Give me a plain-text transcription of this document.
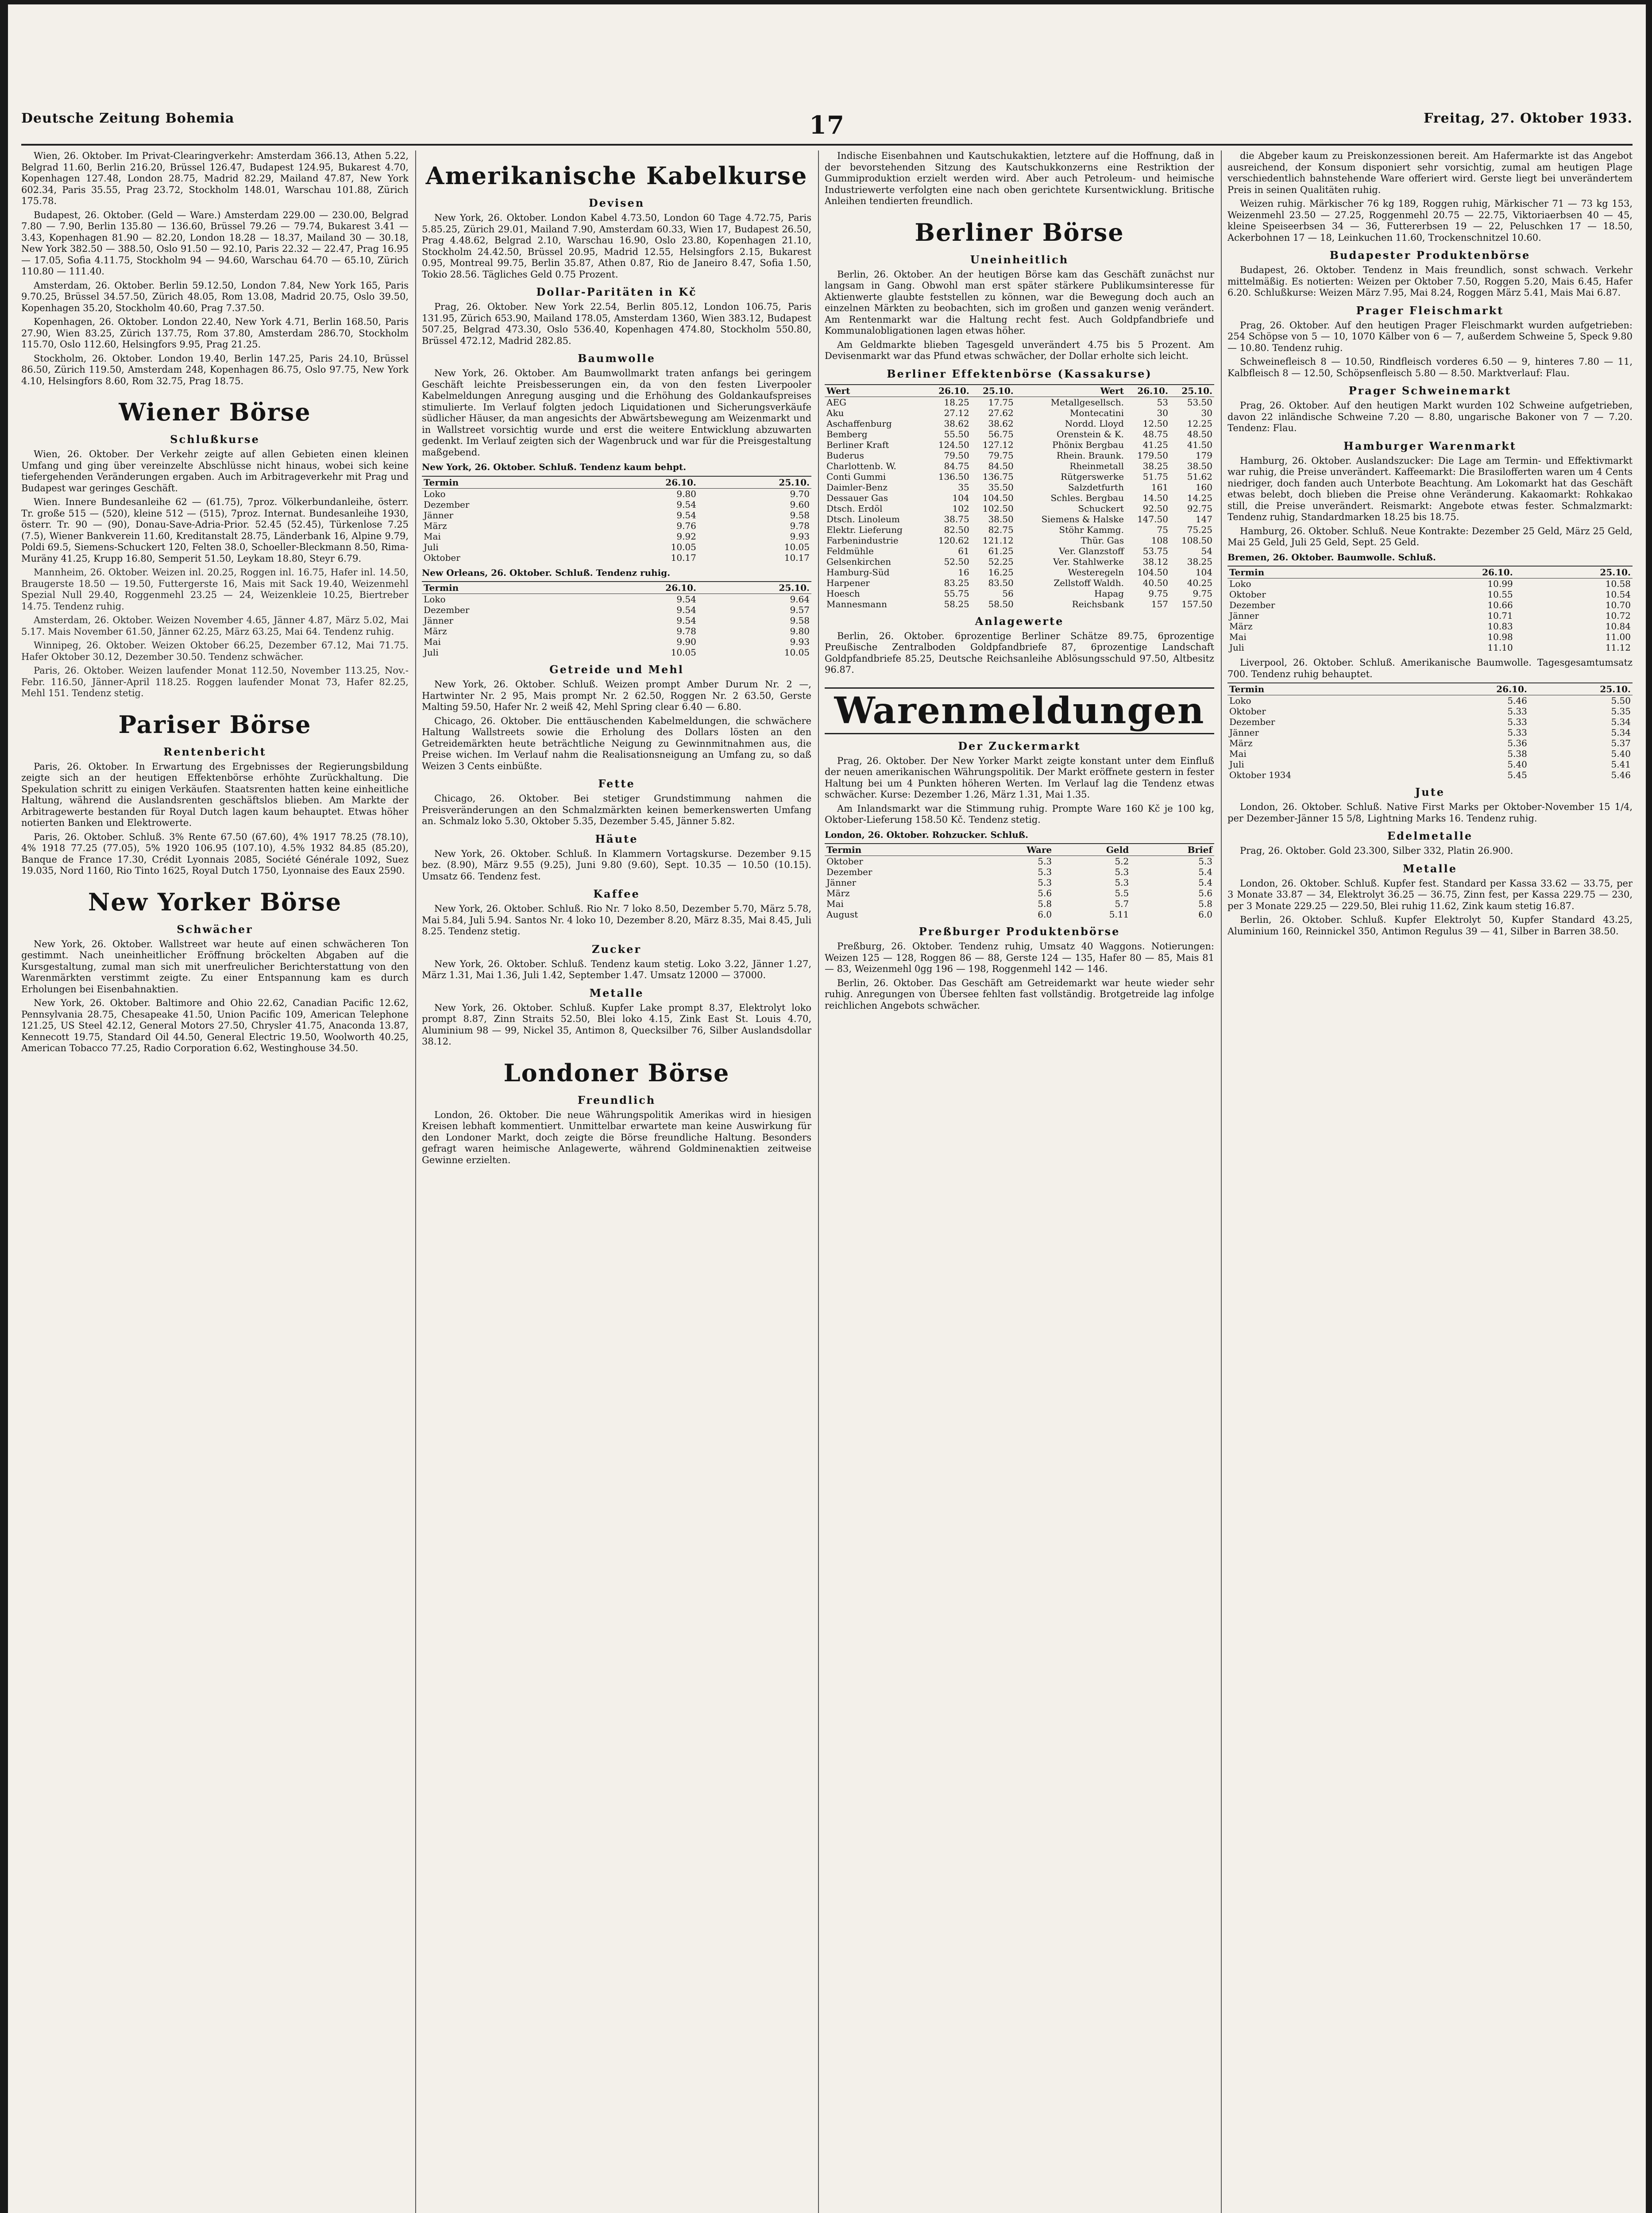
Deutsche Zeitung Bohemia	17	Freitag, 27. Oktober 1933.

Wien, 26. Oktober. Im Privat-Clearingverkehr: Amsterdam 366.13, Athen 5.22, Belgrad 11.60, Berlin 216.20, Brüssel 126.47, Budapest 124.95, Bukarest 4.70, Kopenhagen 127.48, London 28.75, Madrid 82.29, Mailand 47.87, New York 602.34, Paris 35.55, Prag 23.72, Stockholm 148.01, Warschau 101.88, Zürich 175.78.

Budapest, 26. Oktober. (Geld — Ware.) Amsterdam 229.00 — 230.00, Belgrad 7.80 — 7.90, Berlin 135.80 — 136.60, Brüssel 79.26 — 79.74, Bukarest 3.41 — 3.43, Kopenhagen 81.90 — 82.20, London 18.28 — 18.37, Mailand 30 — 30.18, New York 382.50 — 388.50, Oslo 91.50 — 92.10, Paris 22.32 — 22.47, Prag 16.95 — 17.05, Sofia 4.11.75, Stockholm 94 — 94.60, Warschau 64.70 — 65.10, Zürich 110.80 — 111.40.

Amsterdam, 26. Oktober. Berlin 59.12.50, London 7.84, New York 165, Paris 9.70.25, Brüssel 34.57.50, Zürich 48.05, Rom 13.08, Madrid 20.75, Oslo 39.50, Kopenhagen 35.20, Stockholm 40.60, Prag 7.37.50.

Kopenhagen, 26. Oktober. London 22.40, New York 4.71, Berlin 168.50, Paris 27.90, Wien 83.25, Zürich 137.75, Rom 37.80, Amsterdam 286.70, Stockholm 115.70, Oslo 112.60, Helsingfors 9.95, Prag 21.25.

Stockholm, 26. Oktober. London 19.40, Berlin 147.25, Paris 24.10, Brüssel 86.50, Zürich 119.50, Amsterdam 248, Kopenhagen 86.75, Oslo 97.75, New York 4.10, Helsingfors 8.60, Rom 32.75, Prag 18.75.

Wiener Börse
Schlußkurse

Wien, 26. Oktober. Der Verkehr zeigte auf allen Gebieten einen kleinen Umfang und ging über vereinzelte Abschlüsse nicht hinaus, wobei sich keine tiefergehenden Veränderungen ergaben. Auch im Arbitrageverkehr mit Prag und Budapest war geringes Geschäft.

Wien. Innere Bundesanleihe 62 — (61.75), 7proz. Völkerbundanleihe, österr. Tr. große 515 — (520), kleine 512 — (515), 7proz. Internat. Bundesanleihe 1930, österr. Tr. 90 — (90), Donau-Save-Adria-Prior. 52.45 (52.45), Türkenlose 7.25 (7.5), Wiener Bankverein 11.60, Kreditanstalt 28.75, Länderbank 16, Alpine 9.79, Poldi 69.5, Siemens-Schuckert 120, Felten 38.0, Schoeller-Bleckmann 8.50, Rima-Muräny 41.25, Krupp 16.80, Semperit 51.50, Leykam 18.80, Steyr 6.79.

Mannheim, 26. Oktober. Weizen inl. 20.25, Roggen inl. 16.75, Hafer inl. 14.50, Braugerste 18.50 — 19.50, Futtergerste 16, Mais mit Sack 19.40, Weizenmehl Spezial Null 29.40, Roggenmehl 23.25 — 24, Weizenkleie 10.25, Biertreber 14.75. Tendenz ruhig.

Amsterdam, 26. Oktober. Weizen November 4.65, Jänner 4.87, März 5.02, Mai 5.17. Mais November 61.50, Jänner 62.25, März 63.25, Mai 64. Tendenz ruhig.

Winnipeg, 26. Oktober. Weizen Oktober 66.25, Dezember 67.12, Mai 71.75. Hafer Oktober 30.12, Dezember 30.50. Tendenz schwächer.

Paris, 26. Oktober. Weizen laufender Monat 112.50, November 113.25, Nov.-Febr. 116.50, Jänner-April 118.25. Roggen laufender Monat 73, Hafer 82.25, Mehl 151. Tendenz stetig.

Pariser Börse
Rentenbericht

Paris, 26. Oktober. In Erwartung des Ergebnisses der Regierungsbildung zeigte sich an der heutigen Effektenbörse erhöhte Zurückhaltung. Die Spekulation schritt zu einigen Verkäufen. Staatsrenten hatten keine einheitliche Haltung, während die Auslandsrenten geschäftslos blieben. Am Markte der Arbitragewerte bestanden für Royal Dutch lagen kaum behauptet. Etwas höher notierten Banken und Elektrowerte.

Paris, 26. Oktober. Schluß. 3% Rente 67.50 (67.60), 4% 1917 78.25 (78.10), 4% 1918 77.25 (77.05), 5% 1920 106.95 (107.10), 4.5% 1932 84.85 (85.20), Banque de France 17.30, Crédit Lyonnais 2085, Société Générale 1092, Suez 19.035, Nord 1160, Rio Tinto 1625, Royal Dutch 1750, Lyonnaise des Eaux 2590.

New Yorker Börse
Schwächer

New York, 26. Oktober. Wallstreet war heute auf einen schwächeren Ton gestimmt. Nach uneinheitlicher Eröffnung bröckelten Abgaben auf die Kursgestaltung, zumal man sich mit unerfreulicher Berichterstattung von den Warenmärkten verstimmt zeigte. Zu einer Entspannung kam es durch Erholungen bei Eisenbahnaktien.

New York, 26. Oktober. Baltimore and Ohio 22.62, Canadian Pacific 12.62, Pennsylvania 28.75, Chesapeake 41.50, Union Pacific 109, American Telephone 121.25, US Steel 42.12, General Motors 27.50, Chrysler 41.75, Anaconda 13.87, Kennecott 19.75, Standard Oil 44.50, General Electric 19.50, Woolworth 40.25, American Tobacco 77.25, Radio Corporation 6.62, Westinghouse 34.50.

Amerikanische Kabelkurse
Devisen

New York, 26. Oktober. London Kabel 4.73.50, London 60 Tage 4.72.75, Paris 5.85.25, Zürich 29.01, Mailand 7.90, Amsterdam 60.33, Wien 17, Budapest 26.50, Prag 4.48.62, Belgrad 2.10, Warschau 16.90, Oslo 23.80, Kopenhagen 21.10, Stockholm 24.42.50, Brüssel 20.95, Madrid 12.55, Helsingfors 2.15, Bukarest 0.95, Montreal 99.75, Berlin 35.87, Athen 0.87, Rio de Janeiro 8.47, Sofia 1.50, Tokio 28.56. Tägliches Geld 0.75 Prozent.

Dollar-Paritäten in Kč

Prag, 26. Oktober. New York 22.54, Berlin 805.12, London 106.75, Paris 131.95, Zürich 653.90, Mailand 178.05, Amsterdam 1360, Wien 383.12, Budapest 507.25, Belgrad 473.30, Oslo 536.40, Kopenhagen 474.80, Stockholm 550.80, Brüssel 472.12, Madrid 282.85.

Baumwolle

New York, 26. Oktober. Am Baumwollmarkt traten anfangs bei geringem Geschäft leichte Preisbesserungen ein, da von den festen Liverpooler Kabelmeldungen Anregung ausging und die Erhöhung des Goldankaufspreises stimulierte. Im Verlauf folgten jedoch Liquidationen und Sicherungsverkäufe südlicher Häuser, da man angesichts der Abwärtsbewegung am Weizenmarkt und in Wallstreet vorsichtig wurde und erst die weitere Entwicklung abzuwarten gedenkt. Im Verlauf zeigten sich der Wagenbruck und war für die Preisgestaltung maßgebend.

New York, 26. Oktober. Schluß. Tendenz kaum behpt.
Termin	26.10.	25.10.
Loko	9.80	9.70
Dezember	9.54	9.60
Jänner	9.54	9.58
März	9.76	9.78
Mai	9.92	9.93
Juli	10.05	10.05
Oktober	10.17	10.17
New Orleans, 26. Oktober. Schluß. Tendenz ruhig.
Termin	26.10.	25.10.
Loko	9.54	9.64
Dezember	9.54	9.57
Jänner	9.54	9.58
März	9.78	9.80
Mai	9.90	9.93
Juli	10.05	10.05
Getreide und Mehl

New York, 26. Oktober. Schluß. Weizen prompt Amber Durum Nr. 2 —, Hartwinter Nr. 2 95, Mais prompt Nr. 2 62.50, Roggen Nr. 2 63.50, Gerste Malting 59.50, Hafer Nr. 2 weiß 42, Mehl Spring clear 6.40 — 6.80.

Chicago, 26. Oktober. Die enttäuschenden Kabelmeldungen, die schwächere Haltung Wallstreets sowie die Erholung des Dollars lösten an den Getreidemärkten heute beträchtliche Neigung zu Gewinnmitnahmen aus, die Preise wichen. Im Verlauf nahm die Realisationsneigung an Umfang zu, so daß Weizen 3 Cents einbüßte.

Fette

Chicago, 26. Oktober. Bei stetiger Grundstimmung nahmen die Preisveränderungen an den Schmalzmärkten keinen bemerkenswerten Umfang an. Schmalz loko 5.30, Oktober 5.35, Dezember 5.45, Jänner 5.82.

Häute

New York, 26. Oktober. Schluß. In Klammern Vortagskurse. Dezember 9.15 bez. (8.90), März 9.55 (9.25), Juni 9.80 (9.60), Sept. 10.35 — 10.50 (10.15). Umsatz 66. Tendenz fest.

Kaffee

New York, 26. Oktober. Schluß. Rio Nr. 7 loko 8.50, Dezember 5.70, März 5.78, Mai 5.84, Juli 5.94. Santos Nr. 4 loko 10, Dezember 8.20, März 8.35, Mai 8.45, Juli 8.25. Tendenz stetig.

Zucker

New York, 26. Oktober. Schluß. Tendenz kaum stetig. Loko 3.22, Jänner 1.27, März 1.31, Mai 1.36, Juli 1.42, September 1.47. Umsatz 12000 — 37000.

Metalle

New York, 26. Oktober. Schluß. Kupfer Lake prompt 8.37, Elektrolyt loko prompt 8.87, Zinn Straits 52.50, Blei loko 4.15, Zink East St. Louis 4.70, Aluminium 98 — 99, Nickel 35, Antimon 8, Quecksilber 76, Silber Auslandsdollar 38.12.

Londoner Börse
Freundlich

London, 26. Oktober. Die neue Währungspolitik Amerikas wird in hiesigen Kreisen lebhaft kommentiert. Unmittelbar erwartete man keine Auswirkung für den Londoner Markt, doch zeigte die Börse freundliche Haltung. Besonders gefragt waren heimische Anlagewerte, während Goldminenaktien zeitweise Gewinne erzielten.

Indische Eisenbahnen und Kautschukaktien, letztere auf die Hoffnung, daß in der bevorstehenden Sitzung des Kautschukkonzerns eine Restriktion der Gummiproduktion erzielt werden wird. Aber auch Petroleum- und heimische Industriewerte verfolgten eine nach oben gerichtete Kursentwicklung. Britische Anleihen tendierten freundlich.

Berliner Börse
Uneinheitlich

Berlin, 26. Oktober. An der heutigen Börse kam das Geschäft zunächst nur langsam in Gang. Obwohl man erst später stärkere Publikumsinteresse für Aktienwerte glaubte feststellen zu können, war die Bewegung doch auch an einzelnen Märkten zu beobachten, sich im großen und ganzen wenig verändert. Am Rentenmarkt war die Haltung recht fest. Auch Goldpfandbriefe und Kommunalobligationen lagen etwas höher.

Am Geldmarkte blieben Tagesgeld unverändert 4.75 bis 5 Prozent. Am Devisenmarkt war das Pfund etwas schwächer, der Dollar erholte sich leicht.

Berliner Effektenbörse (Kassakurse)
Wert	26.10.	25.10.	Wert	26.10.	25.10.
AEG	18.25	17.75	Metallgesellsch.	53	53.50
Aku	27.12	27.62	Montecatini	30	30
Aschaffenburg	38.62	38.62	Nordd. Lloyd	12.50	12.25
Bemberg	55.50	56.75	Orenstein & K.	48.75	48.50
Berliner Kraft	124.50	127.12	Phönix Bergbau	41.25	41.50
Buderus	79.50	79.75	Rhein. Braunk.	179.50	179
Charlottenb. W.	84.75	84.50	Rheinmetall	38.25	38.50
Conti Gummi	136.50	136.75	Rütgerswerke	51.75	51.62
Daimler-Benz	35	35.50	Salzdetfurth	161	160
Dessauer Gas	104	104.50	Schles. Bergbau	14.50	14.25
Dtsch. Erdöl	102	102.50	Schuckert	92.50	92.75
Dtsch. Linoleum	38.75	38.50	Siemens & Halske	147.50	147
Elektr. Lieferung	82.50	82.75	Stöhr Kammg.	75	75.25
Farbenindustrie	120.62	121.12	Thür. Gas	108	108.50
Feldmühle	61	61.25	Ver. Glanzstoff	53.75	54
Gelsenkirchen	52.50	52.25	Ver. Stahlwerke	38.12	38.25
Hamburg-Süd	16	16.25	Westeregeln	104.50	104
Harpener	83.25	83.50	Zellstoff Waldh.	40.50	40.25
Hoesch	55.75	56	Hapag	9.75	9.75
Mannesmann	58.25	58.50	Reichsbank	157	157.50
Anlagewerte

Berlin, 26. Oktober. 6prozentige Berliner Schätze 89.75, 6prozentige Preußische Zentralboden Goldpfandbriefe 87, 6prozentige Landschaft Goldpfandbriefe 85.25, Deutsche Reichsanleihe Ablösungsschuld 97.50, Altbesitz 96.87.

Warenmeldungen
Der Zuckermarkt

Prag, 26. Oktober. Der New Yorker Markt zeigte konstant unter dem Einfluß der neuen amerikanischen Währungspolitik. Der Markt eröffnete gestern in fester Haltung bei um 4 Punkten höheren Werten. Im Verlauf lag die Tendenz etwas schwächer. Kurse: Dezember 1.26, März 1.31, Mai 1.35.

Am Inlandsmarkt war die Stimmung ruhig. Prompte Ware 160 Kč je 100 kg, Oktober-Lieferung 158.50 Kč. Tendenz stetig.

London, 26. Oktober. Rohzucker. Schluß.
Termin	Ware	Geld	Brief
Oktober	5.3	5.2	5.3
Dezember	5.3	5.3	5.4
Jänner	5.3	5.3	5.4
März	5.6	5.5	5.6
Mai	5.8	5.7	5.8
August	6.0	5.11	6.0
Preßburger Produktenbörse

Preßburg, 26. Oktober. Tendenz ruhig, Umsatz 40 Waggons. Notierungen: Weizen 125 — 128, Roggen 86 — 88, Gerste 124 — 135, Hafer 80 — 85, Mais 81 — 83, Weizenmehl 0gg 196 — 198, Roggenmehl 142 — 146.

Berlin, 26. Oktober. Das Geschäft am Getreidemarkt war heute wieder sehr ruhig. Anregungen von Übersee fehlten fast vollständig. Brotgetreide lag infolge reichlichen Angebots schwächer.

die Abgeber kaum zu Preiskonzessionen bereit. Am Hafermarkte ist das Angebot ausreichend, der Konsum disponiert sehr vorsichtig, zumal am heutigen Plage verschiedentlich bahnstehende Ware offeriert wird. Gerste liegt bei unverändertem Preis in seinen Qualitäten ruhig.

Weizen ruhig. Märkischer 76 kg 189, Roggen ruhig, Märkischer 71 — 73 kg 153, Weizenmehl 23.50 — 27.25, Roggenmehl 20.75 — 22.75, Viktoriaerbsen 40 — 45, kleine Speiseerbsen 34 — 36, Futtererbsen 19 — 22, Peluschken 17 — 18.50, Ackerbohnen 17 — 18, Leinkuchen 11.60, Trockenschnitzel 10.60.

Budapester Produktenbörse

Budapest, 26. Oktober. Tendenz in Mais freundlich, sonst schwach. Verkehr mittelmäßig. Es notierten: Weizen per Oktober 7.50, Roggen 5.20, Mais 6.45, Hafer 6.20. Schlußkurse: Weizen März 7.95, Mai 8.24, Roggen März 5.41, Mais Mai 6.87.

Prager Fleischmarkt

Prag, 26. Oktober. Auf den heutigen Prager Fleischmarkt wurden aufgetrieben: 254 Schöpse von 5 — 10, 1070 Kälber von 6 — 7, außerdem Schweine 5, Speck 9.80 — 10.80. Tendenz ruhig.

Schweinefleisch 8 — 10.50, Rindfleisch vorderes 6.50 — 9, hinteres 7.80 — 11, Kalbfleisch 8 — 12.50, Schöpsenfleisch 5.80 — 8.50. Marktverlauf: Flau.

Prager Schweinemarkt

Prag, 26. Oktober. Auf den heutigen Markt wurden 102 Schweine aufgetrieben, davon 22 inländische Schweine 7.20 — 8.80, ungarische Bakoner von 7 — 7.20. Tendenz: Flau.

Hamburger Warenmarkt

Hamburg, 26. Oktober. Auslandszucker: Die Lage am Termin- und Effektivmarkt war ruhig, die Preise unverändert. Kaffeemarkt: Die Brasilofferten waren um 4 Cents niedriger, doch fanden auch Unterbote Beachtung. Am Lokomarkt hat das Geschäft etwas belebt, doch blieben die Preise ohne Veränderung. Kakaomarkt: Rohkakao still, die Preise unverändert. Reismarkt: Angebote etwas fester. Schmalzmarkt: Tendenz ruhig, Standardmarken 18.25 bis 18.75.

Hamburg, 26. Oktober. Schluß. Neue Kontrakte: Dezember 25 Geld, März 25 Geld, Mai 25 Geld, Juli 25 Geld, Sept. 25 Geld.

Bremen, 26. Oktober. Baumwolle. Schluß.
Termin	26.10.	25.10.
Loko	10.99	10.58
Oktober	10.55	10.54
Dezember	10.66	10.70
Jänner	10.71	10.72
März	10.83	10.84
Mai	10.98	11.00
Juli	11.10	11.12

Liverpool, 26. Oktober. Schluß. Amerikanische Baumwolle. Tagesgesamtumsatz 700. Tendenz ruhig behauptet.

Termin	26.10.	25.10.
Loko	5.46	5.50
Oktober	5.33	5.35
Dezember	5.33	5.34
Jänner	5.33	5.34
März	5.36	5.37
Mai	5.38	5.40
Juli	5.40	5.41
Oktober 1934	5.45	5.46
Jute

London, 26. Oktober. Schluß. Native First Marks per Oktober-November 15 1/4, per Dezember-Jänner 15 5/8, Lightning Marks 16. Tendenz ruhig.

Edelmetalle

Prag, 26. Oktober. Gold 23.300, Silber 332, Platin 26.900.

Metalle

London, 26. Oktober. Schluß. Kupfer fest. Standard per Kassa 33.62 — 33.75, per 3 Monate 33.87 — 34, Elektrolyt 36.25 — 36.75, Zinn fest, per Kassa 229.75 — 230, per 3 Monate 229.25 — 229.50, Blei ruhig 11.62, Zink kaum stetig 16.87.

Berlin, 26. Oktober. Schluß. Kupfer Elektrolyt 50, Kupfer Standard 43.25, Aluminium 160, Reinnickel 350, Antimon Regulus 39 — 41, Silber in Barren 38.50.
